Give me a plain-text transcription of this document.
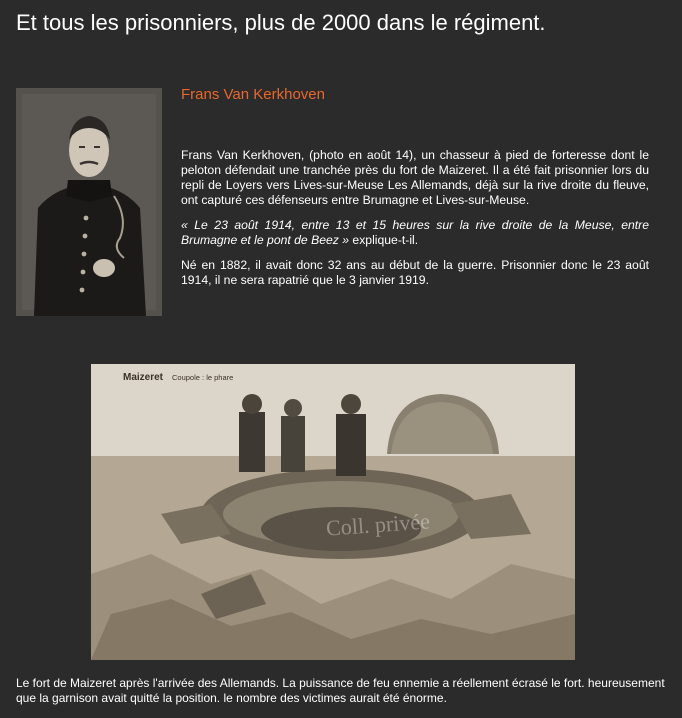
Et tous les prisonniers, plus de 2000 dans le régiment.
Frans Van Kerkhoven

Frans Van Kerkhoven, (photo en août 14), un chasseur à pied de forteresse dont le peloton défendait une tranchée près du fort de Maizeret. Il a été fait prisonnier lors du repli de Loyers vers Lives-sur-Meuse Les Allemands, déjà sur la rive droite du fleuve, ont capturé ces défenseurs entre Brumagne et Lives-sur-Meuse.

« Le 23 août 1914, entre 13 et 15 heures sur la rive droite de la Meuse, entre Brumagne et le pont de Beez » explique-t-il.

Né en 1882, il avait donc 32 ans au début de la guerre. Prisonnier donc le 23 août 1914, il ne sera rapatrié que le 3 janvier 1919.

Maizeret Coupole : le phare
Coll. privée
Le fort de Maizeret après l'arrivée des Allemands. La puissance de feu ennemie a réellement écrasé le fort. heureusement que la garnison avait quitté la position. le nombre des victimes aurait été énorme.
